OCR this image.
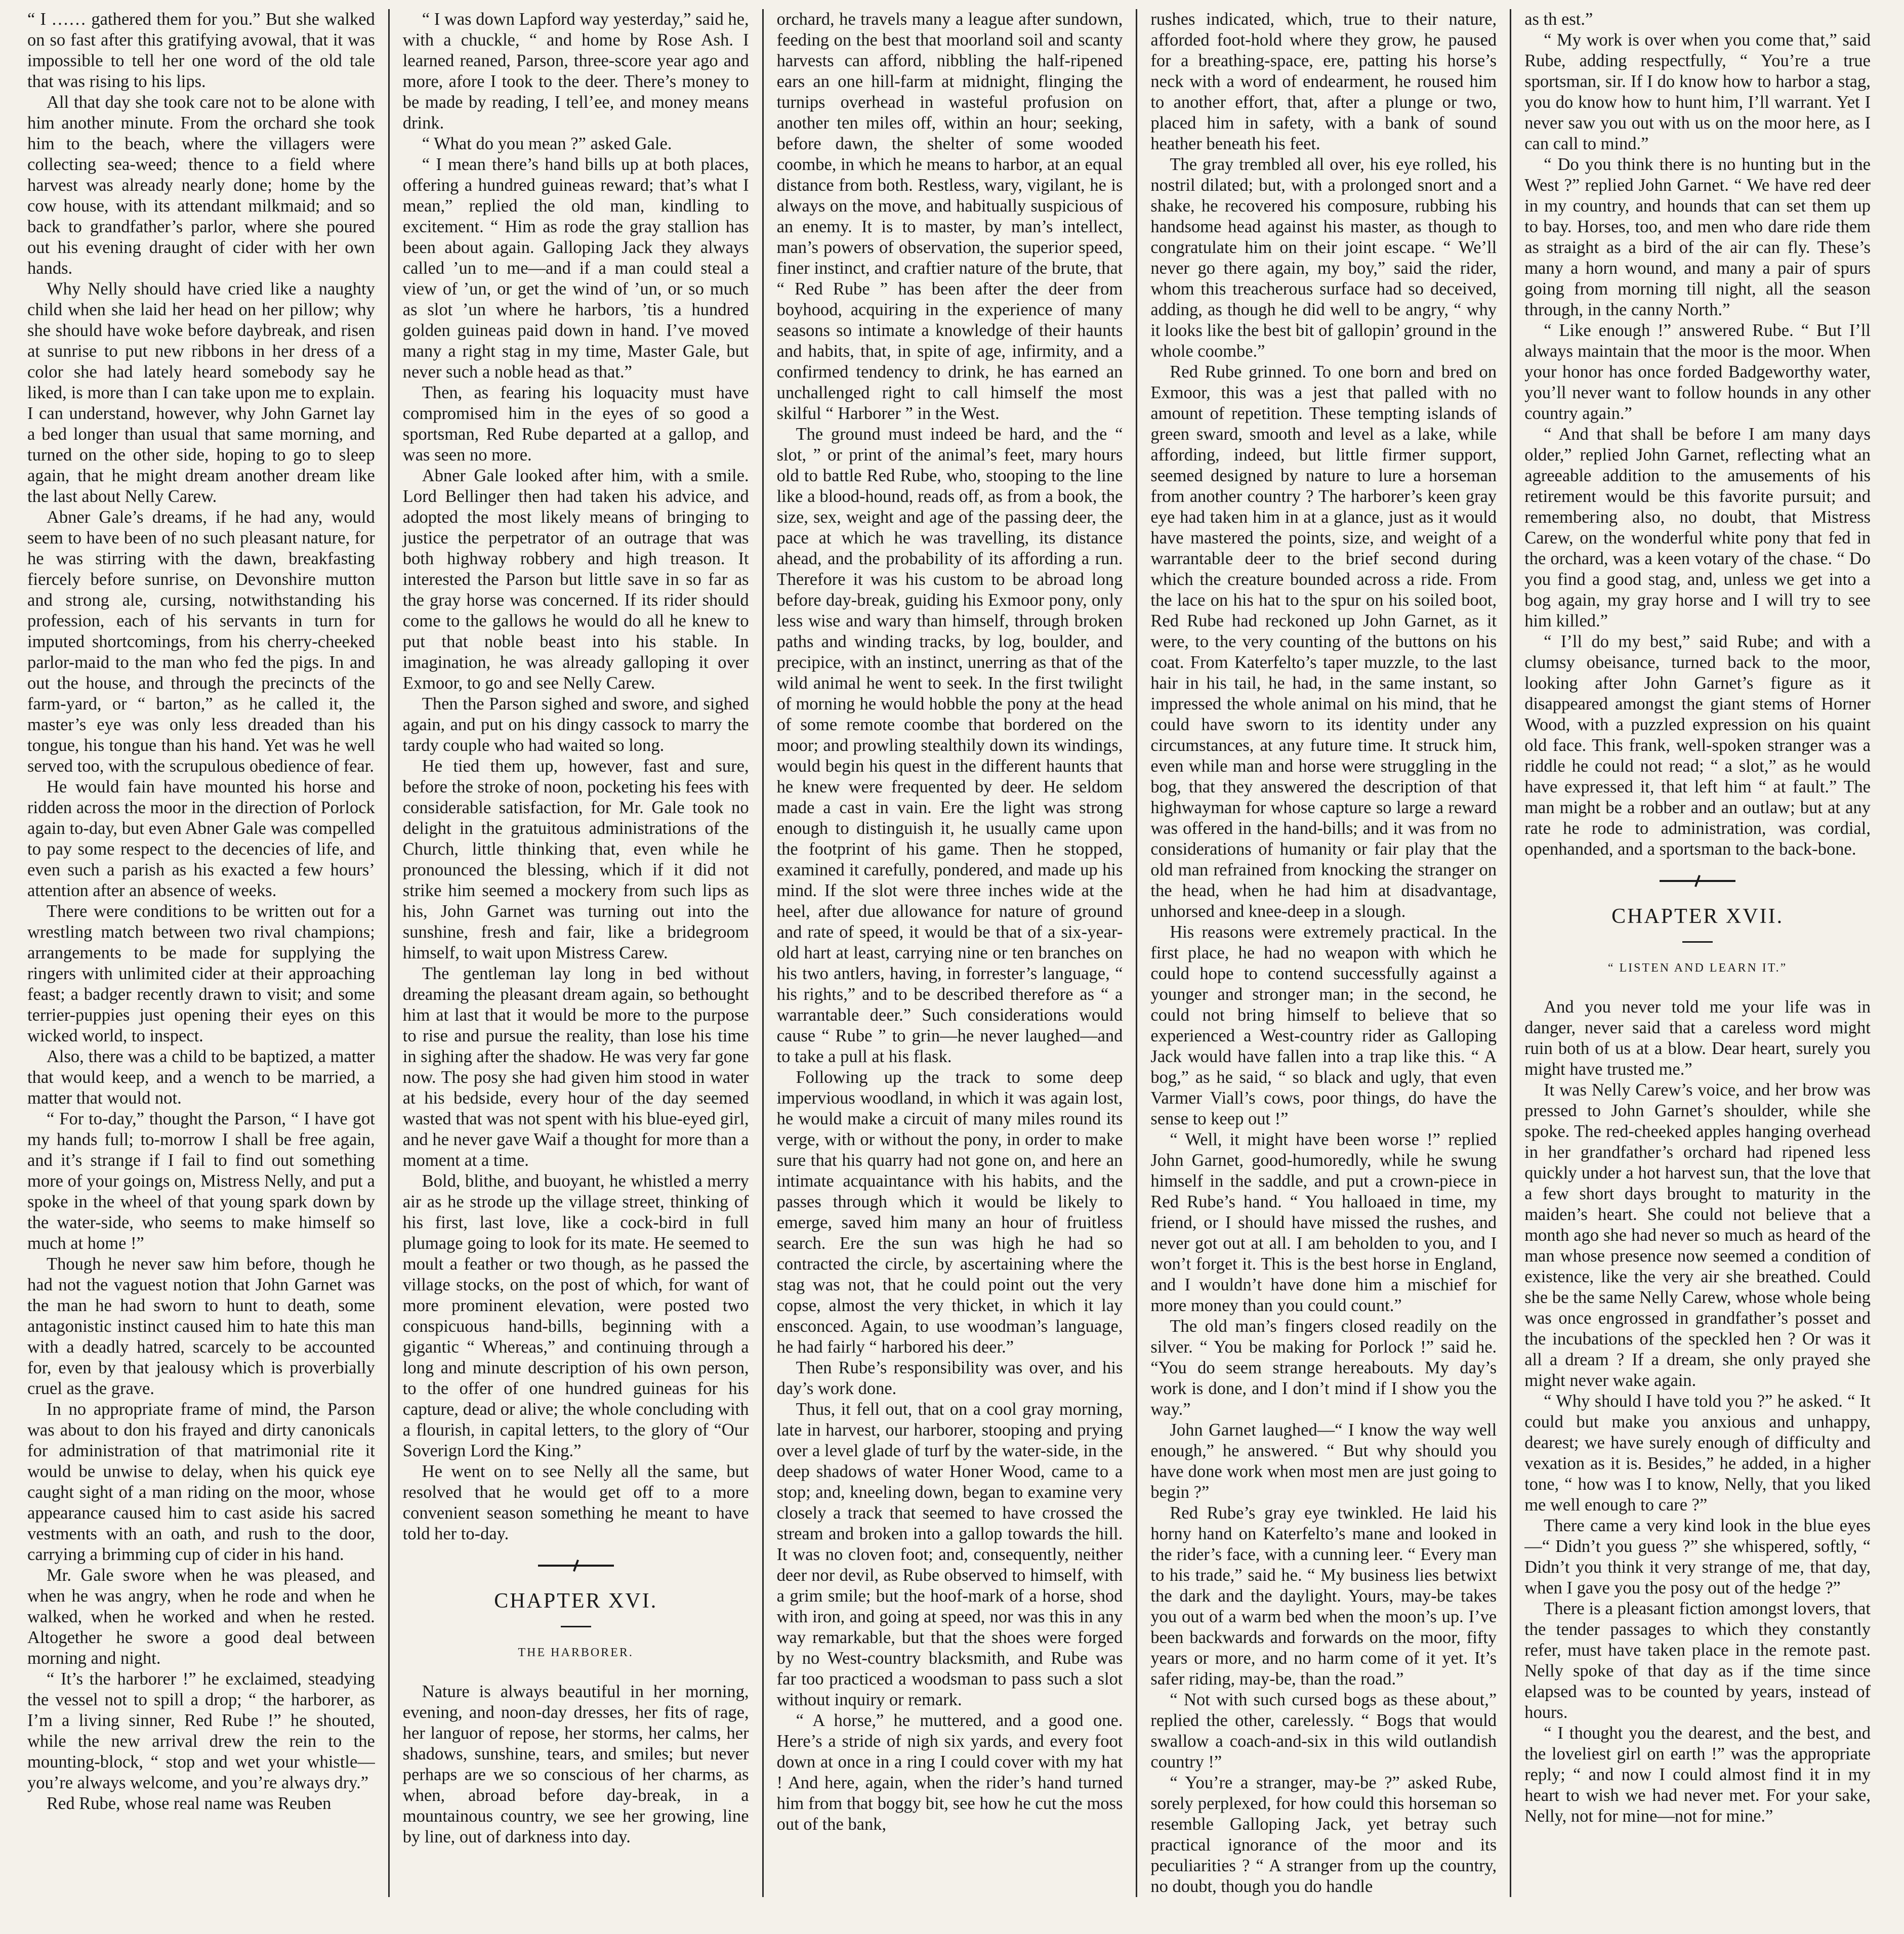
“ I …… gathered them for you.” But she walked on so fast after this gratifying avowal, that it was impossible to tell her one word of the old tale that was rising to his lips.

All that day she took care not to be alone with him another minute. From the orchard she took him to the beach, where the villagers were collecting sea-weed; thence to a field where harvest was already nearly done; home by the cow house, with its attendant milkmaid; and so back to grandfather’s parlor, where she poured out his evening draught of cider with her own hands.

Why Nelly should have cried like a naughty child when she laid her head on her pillow; why she should have woke before daybreak, and risen at sunrise to put new ribbons in her dress of a color she had lately heard somebody say he liked, is more than I can take upon me to explain. I can understand, however, why John Garnet lay a bed longer than usual that same morning, and turned on the other side, hoping to go to sleep again, that he might dream another dream like the last about Nelly Carew.

Abner Gale’s dreams, if he had any, would seem to have been of no such pleasant nature, for he was stirring with the dawn, breakfasting fiercely before sunrise, on Devonshire mutton and strong ale, cursing, notwithstanding his profession, each of his servants in turn for imputed shortcomings, from his cherry-cheeked parlor-maid to the man who fed the pigs. In and out the house, and through the precincts of the farm-yard, or “ barton,” as he called it, the master’s eye was only less dreaded than his tongue, his tongue than his hand. Yet was he well served too, with the scrupulous obedience of fear.

He would fain have mounted his horse and ridden across the moor in the direction of Porlock again to-day, but even Abner Gale was compelled to pay some respect to the decencies of life, and even such a parish as his exacted a few hours’ attention after an absence of weeks.

There were conditions to be written out for a wrestling match between two rival champions; arrangements to be made for supplying the ringers with unlimited cider at their approaching feast; a badger recently drawn to visit; and some terrier-puppies just opening their eyes on this wicked world, to inspect.

Also, there was a child to be baptized, a matter that would keep, and a wench to be married, a matter that would not.

“ For to-day,” thought the Parson, “ I have got my hands full; to-morrow I shall be free again, and it’s strange if I fail to find out something more of your goings on, Mistress Nelly, and put a spoke in the wheel of that young spark down by the water-side, who seems to make himself so much at home !”

Though he never saw him before, though he had not the vaguest notion that John Garnet was the man he had sworn to hunt to death, some antagonistic instinct caused him to hate this man with a deadly hatred, scarcely to be accounted for, even by that jealousy which is proverbially cruel as the grave.

In no appropriate frame of mind, the Parson was about to don his frayed and dirty canonicals for administration of that matrimonial rite it would be unwise to delay, when his quick eye caught sight of a man riding on the moor, whose appearance caused him to cast aside his sacred vestments with an oath, and rush to the door, carrying a brimming cup of cider in his hand.

Mr. Gale swore when he was pleased, and when he was angry, when he rode and when he walked, when he worked and when he rested. Altogether he swore a good deal between morning and night.

“ It’s the harborer !” he exclaimed, steadying the vessel not to spill a drop; “ the harborer, as I’m a living sinner, Red Rube !” he shouted, while the new arrival drew the rein to the mounting-block, “ stop and wet your whistle—you’re always welcome, and you’re always dry.”

Red Rube, whose real name was Reuben

“ I was down Lapford way yesterday,” said he, with a chuckle, “ and home by Rose Ash. I learned reaned, Parson, three-score year ago and more, afore I took to the deer. There’s money to be made by reading, I tell’ee, and money means drink.

“ What do you mean ?” asked Gale.

“ I mean there’s hand bills up at both places, offering a hundred guineas reward; that’s what I mean,” replied the old man, kindling to excitement. “ Him as rode the gray stallion has been about again. Galloping Jack they always called ’un to me—and if a man could steal a view of ’un, or get the wind of ’un, or so much as slot ’un where he harbors, ’tis a hundred golden guineas paid down in hand. I’ve moved many a right stag in my time, Master Gale, but never such a noble head as that.”

Then, as fearing his loquacity must have compromised him in the eyes of so good a sportsman, Red Rube departed at a gallop, and was seen no more.

Abner Gale looked after him, with a smile. Lord Bellinger then had taken his advice, and adopted the most likely means of bringing to justice the perpetrator of an outrage that was both highway robbery and high treason. It interested the Parson but little save in so far as the gray horse was concerned. If its rider should come to the gallows he would do all he knew to put that noble beast into his stable. In imagination, he was already galloping it over Exmoor, to go and see Nelly Carew.

Then the Parson sighed and swore, and sighed again, and put on his dingy cassock to marry the tardy couple who had waited so long.

He tied them up, however, fast and sure, before the stroke of noon, pocketing his fees with considerable satisfaction, for Mr. Gale took no delight in the gratuitous administrations of the Church, little thinking that, even while he pronounced the blessing, which if it did not strike him seemed a mockery from such lips as his, John Garnet was turning out into the sunshine, fresh and fair, like a bridegroom himself, to wait upon Mistress Carew.

The gentleman lay long in bed without dreaming the pleasant dream again, so bethought him at last that it would be more to the purpose to rise and pursue the reality, than lose his time in sighing after the shadow. He was very far gone now. The posy she had given him stood in water at his bedside, every hour of the day seemed wasted that was not spent with his blue-eyed girl, and he never gave Waif a thought for more than a moment at a time.

Bold, blithe, and buoyant, he whistled a merry air as he strode up the village street, thinking of his first, last love, like a cock-bird in full plumage going to look for its mate. He seemed to moult a feather or two though, as he passed the village stocks, on the post of which, for want of more prominent elevation, were posted two conspicuous hand-bills, beginning with a gigantic “ Whereas,” and continuing through a long and minute description of his own person, to the offer of one hundred guineas for his capture, dead or alive; the whole concluding with a flourish, in capital letters, to the glory of “Our Soverign Lord the King.”

He went on to see Nelly all the same, but resolved that he would get off to a more convenient season something he meant to have told her to-day.

CHAPTER XVI.
THE HARBORER.

Nature is always beautiful in her morning, evening, and noon-day dresses, her fits of rage, her languor of repose, her storms, her calms, her shadows, sunshine, tears, and smiles; but never perhaps are we so conscious of her charms, as when, abroad before day-break, in a mountainous country, we see her growing, line by line, out of darkness into day.

orchard, he travels many a league after sundown, feeding on the best that moorland soil and scanty harvests can afford, nibbling the half-ripened ears an one hill-farm at midnight, flinging the turnips overhead in wasteful profusion on another ten miles off, within an hour; seeking, before dawn, the shelter of some wooded coombe, in which he means to harbor, at an equal distance from both. Restless, wary, vigilant, he is always on the move, and habitually suspicious of an enemy. It is to master, by man’s intellect, man’s powers of observation, the superior speed, finer instinct, and craftier nature of the brute, that “ Red Rube ” has been after the deer from boyhood, acquiring in the experience of many seasons so intimate a knowledge of their haunts and habits, that, in spite of age, infirmity, and a confirmed tendency to drink, he has earned an unchallenged right to call himself the most skilful “ Harborer ” in the West.

The ground must indeed be hard, and the “ slot, ” or print of the animal’s feet, mary hours old to battle Red Rube, who, stooping to the line like a blood-hound, reads off, as from a book, the size, sex, weight and age of the passing deer, the pace at which he was travelling, its distance ahead, and the probability of its affording a run. Therefore it was his custom to be abroad long before day-break, guiding his Exmoor pony, only less wise and wary than himself, through broken paths and winding tracks, by log, boulder, and precipice, with an instinct, unerring as that of the wild animal he went to seek. In the first twilight of morning he would hobble the pony at the head of some remote coombe that bordered on the moor; and prowling stealthily down its windings, would begin his quest in the different haunts that he knew were frequented by deer. He seldom made a cast in vain. Ere the light was strong enough to distinguish it, he usually came upon the footprint of his game. Then he stopped, examined it carefully, pondered, and made up his mind. If the slot were three inches wide at the heel, after due allowance for nature of ground and rate of speed, it would be that of a six-year-old hart at least, carrying nine or ten branches on his two antlers, having, in forrester’s language, “ his rights,” and to be described therefore as “ a warrantable deer.” Such considerations would cause “ Rube ” to grin—he never laughed—and to take a pull at his flask.

Following up the track to some deep impervious woodland, in which it was again lost, he would make a circuit of many miles round its verge, with or without the pony, in order to make sure that his quarry had not gone on, and here an intimate acquaintance with his habits, and the passes through which it would be likely to emerge, saved him many an hour of fruitless search. Ere the sun was high he had so contracted the circle, by ascertaining where the stag was not, that he could point out the very copse, almost the very thicket, in which it lay ensconced. Again, to use woodman’s language, he had fairly “ harbored his deer.”

Then Rube’s responsibility was over, and his day’s work done.

Thus, it fell out, that on a cool gray morning, late in harvest, our harborer, stooping and prying over a level glade of turf by the water-side, in the deep shadows of water Honer Wood, came to a stop; and, kneeling down, began to examine very closely a track that seemed to have crossed the stream and broken into a gallop towards the hill. It was no cloven foot; and, consequently, neither deer nor devil, as Rube observed to himself, with a grim smile; but the hoof-mark of a horse, shod with iron, and going at speed, nor was this in any way remarkable, but that the shoes were forged by no West-country blacksmith, and Rube was far too practiced a woodsman to pass such a slot without inquiry or remark.

“ A horse,” he muttered, and a good one. Here’s a stride of nigh six yards, and every foot down at once in a ring I could cover with my hat ! And here, again, when the rider’s hand turned him from that boggy bit, see how he cut the moss out of the bank,

rushes indicated, which, true to their nature, afforded foot-hold where they grow, he paused for a breathing-space, ere, patting his horse’s neck with a word of endearment, he roused him to another effort, that, after a plunge or two, placed him in safety, with a bank of sound heather beneath his feet.

The gray trembled all over, his eye rolled, his nostril dilated; but, with a prolonged snort and a shake, he recovered his composure, rubbing his handsome head against his master, as though to congratulate him on their joint escape. “ We’ll never go there again, my boy,” said the rider, whom this treacherous surface had so deceived, adding, as though he did well to be angry, “ why it looks like the best bit of gallopin’ ground in the whole coombe.”

Red Rube grinned. To one born and bred on Exmoor, this was a jest that palled with no amount of repetition. These tempting islands of green sward, smooth and level as a lake, while affording, indeed, but little firmer support, seemed designed by nature to lure a horseman from another country ? The harborer’s keen gray eye had taken him in at a glance, just as it would have mastered the points, size, and weight of a warrantable deer to the brief second during which the creature bounded across a ride. From the lace on his hat to the spur on his soiled boot, Red Rube had reckoned up John Garnet, as it were, to the very counting of the buttons on his coat. From Katerfelto’s taper muzzle, to the last hair in his tail, he had, in the same instant, so impressed the whole animal on his mind, that he could have sworn to its identity under any circumstances, at any future time. It struck him, even while man and horse were struggling in the bog, that they answered the description of that highwayman for whose capture so large a reward was offered in the hand-bills; and it was from no considerations of humanity or fair play that the old man refrained from knocking the stranger on the head, when he had him at disadvantage, unhorsed and knee-deep in a slough.

His reasons were extremely practical. In the first place, he had no weapon with which he could hope to contend successfully against a younger and stronger man; in the second, he could not bring himself to believe that so experienced a West-country rider as Galloping Jack would have fallen into a trap like this. “ A bog,” as he said, “ so black and ugly, that even Varmer Viall’s cows, poor things, do have the sense to keep out !”

“ Well, it might have been worse !” replied John Garnet, good-humoredly, while he swung himself in the saddle, and put a crown-piece in Red Rube’s hand. “ You halloaed in time, my friend, or I should have missed the rushes, and never got out at all. I am beholden to you, and I won’t forget it. This is the best horse in England, and I wouldn’t have done him a mischief for more money than you could count.”

The old man’s fingers closed readily on the silver. “ You be making for Porlock !” said he. “You do seem strange hereabouts. My day’s work is done, and I don’t mind if I show you the way.”

John Garnet laughed—“ I know the way well enough,” he answered. “ But why should you have done work when most men are just going to begin ?”

Red Rube’s gray eye twinkled. He laid his horny hand on Katerfelto’s mane and looked in the rider’s face, with a cunning leer. “ Every man to his trade,” said he. “ My business lies betwixt the dark and the daylight. Yours, may-be takes you out of a warm bed when the moon’s up. I’ve been backwards and forwards on the moor, fifty years or more, and no harm come of it yet. It’s safer riding, may-be, than the road.”

“ Not with such cursed bogs as these about,” replied the other, carelessly. “ Bogs that would swallow a coach-and-six in this wild outlandish country !”

“ You’re a stranger, may-be ?” asked Rube, sorely perplexed, for how could this horseman so resemble Galloping Jack, yet betray such practical ignorance of the moor and its peculiarities ? “ A stranger from up the country, no doubt, though you do handle

as th est.”

“ My work is over when you come that,” said Rube, adding respectfully, “ You’re a true sportsman, sir. If I do know how to harbor a stag, you do know how to hunt him, I’ll warrant. Yet I never saw you out with us on the moor here, as I can call to mind.”

“ Do you think there is no hunting but in the West ?” replied John Garnet. “ We have red deer in my country, and hounds that can set them up to bay. Horses, too, and men who dare ride them as straight as a bird of the air can fly. These’s many a horn wound, and many a pair of spurs going from morning till night, all the season through, in the canny North.”

“ Like enough !” answered Rube. “ But I’ll always maintain that the moor is the moor. When your honor has once forded Badgeworthy water, you’ll never want to follow hounds in any other country again.”

“ And that shall be before I am many days older,” replied John Garnet, reflecting what an agreeable addition to the amusements of his retirement would be this favorite pursuit; and remembering also, no doubt, that Mistress Carew, on the wonderful white pony that fed in the orchard, was a keen votary of the chase. “ Do you find a good stag, and, unless we get into a bog again, my gray horse and I will try to see him killed.”

“ I’ll do my best,” said Rube; and with a clumsy obeisance, turned back to the moor, looking after John Garnet’s figure as it disappeared amongst the giant stems of Horner Wood, with a puzzled expression on his quaint old face. This frank, well-spoken stranger was a riddle he could not read; “ a slot,” as he would have expressed it, that left him “ at fault.” The man might be a robber and an outlaw; but at any rate he rode to administration, was cordial, openhanded, and a sportsman to the back-bone.

CHAPTER XVII.
“ LISTEN AND LEARN IT.”

And you never told me your life was in danger, never said that a careless word might ruin both of us at a blow. Dear heart, surely you might have trusted me.”

It was Nelly Carew’s voice, and her brow was pressed to John Garnet’s shoulder, while she spoke. The red-cheeked apples hanging overhead in her grandfather’s orchard had ripened less quickly under a hot harvest sun, that the love that a few short days brought to maturity in the maiden’s heart. She could not believe that a month ago she had never so much as heard of the man whose presence now seemed a condition of existence, like the very air she breathed. Could she be the same Nelly Carew, whose whole being was once engrossed in grandfather’s posset and the incubations of the speckled hen ? Or was it all a dream ? If a dream, she only prayed she might never wake again.

“ Why should I have told you ?” he asked. “ It could but make you anxious and unhappy, dearest; we have surely enough of difficulty and vexation as it is. Besides,” he added, in a higher tone, “ how was I to know, Nelly, that you liked me well enough to care ?”

There came a very kind look in the blue eyes—“ Didn’t you guess ?” she whispered, softly, “ Didn’t you think it very strange of me, that day, when I gave you the posy out of the hedge ?”

There is a pleasant fiction amongst lovers, that the tender passages to which they constantly refer, must have taken place in the remote past. Nelly spoke of that day as if the time since elapsed was to be counted by years, instead of hours.

“ I thought you the dearest, and the best, and the loveliest girl on earth !” was the appropriate reply; “ and now I could almost find it in my heart to wish we had never met. For your sake, Nelly, not for mine—not for mine.”
